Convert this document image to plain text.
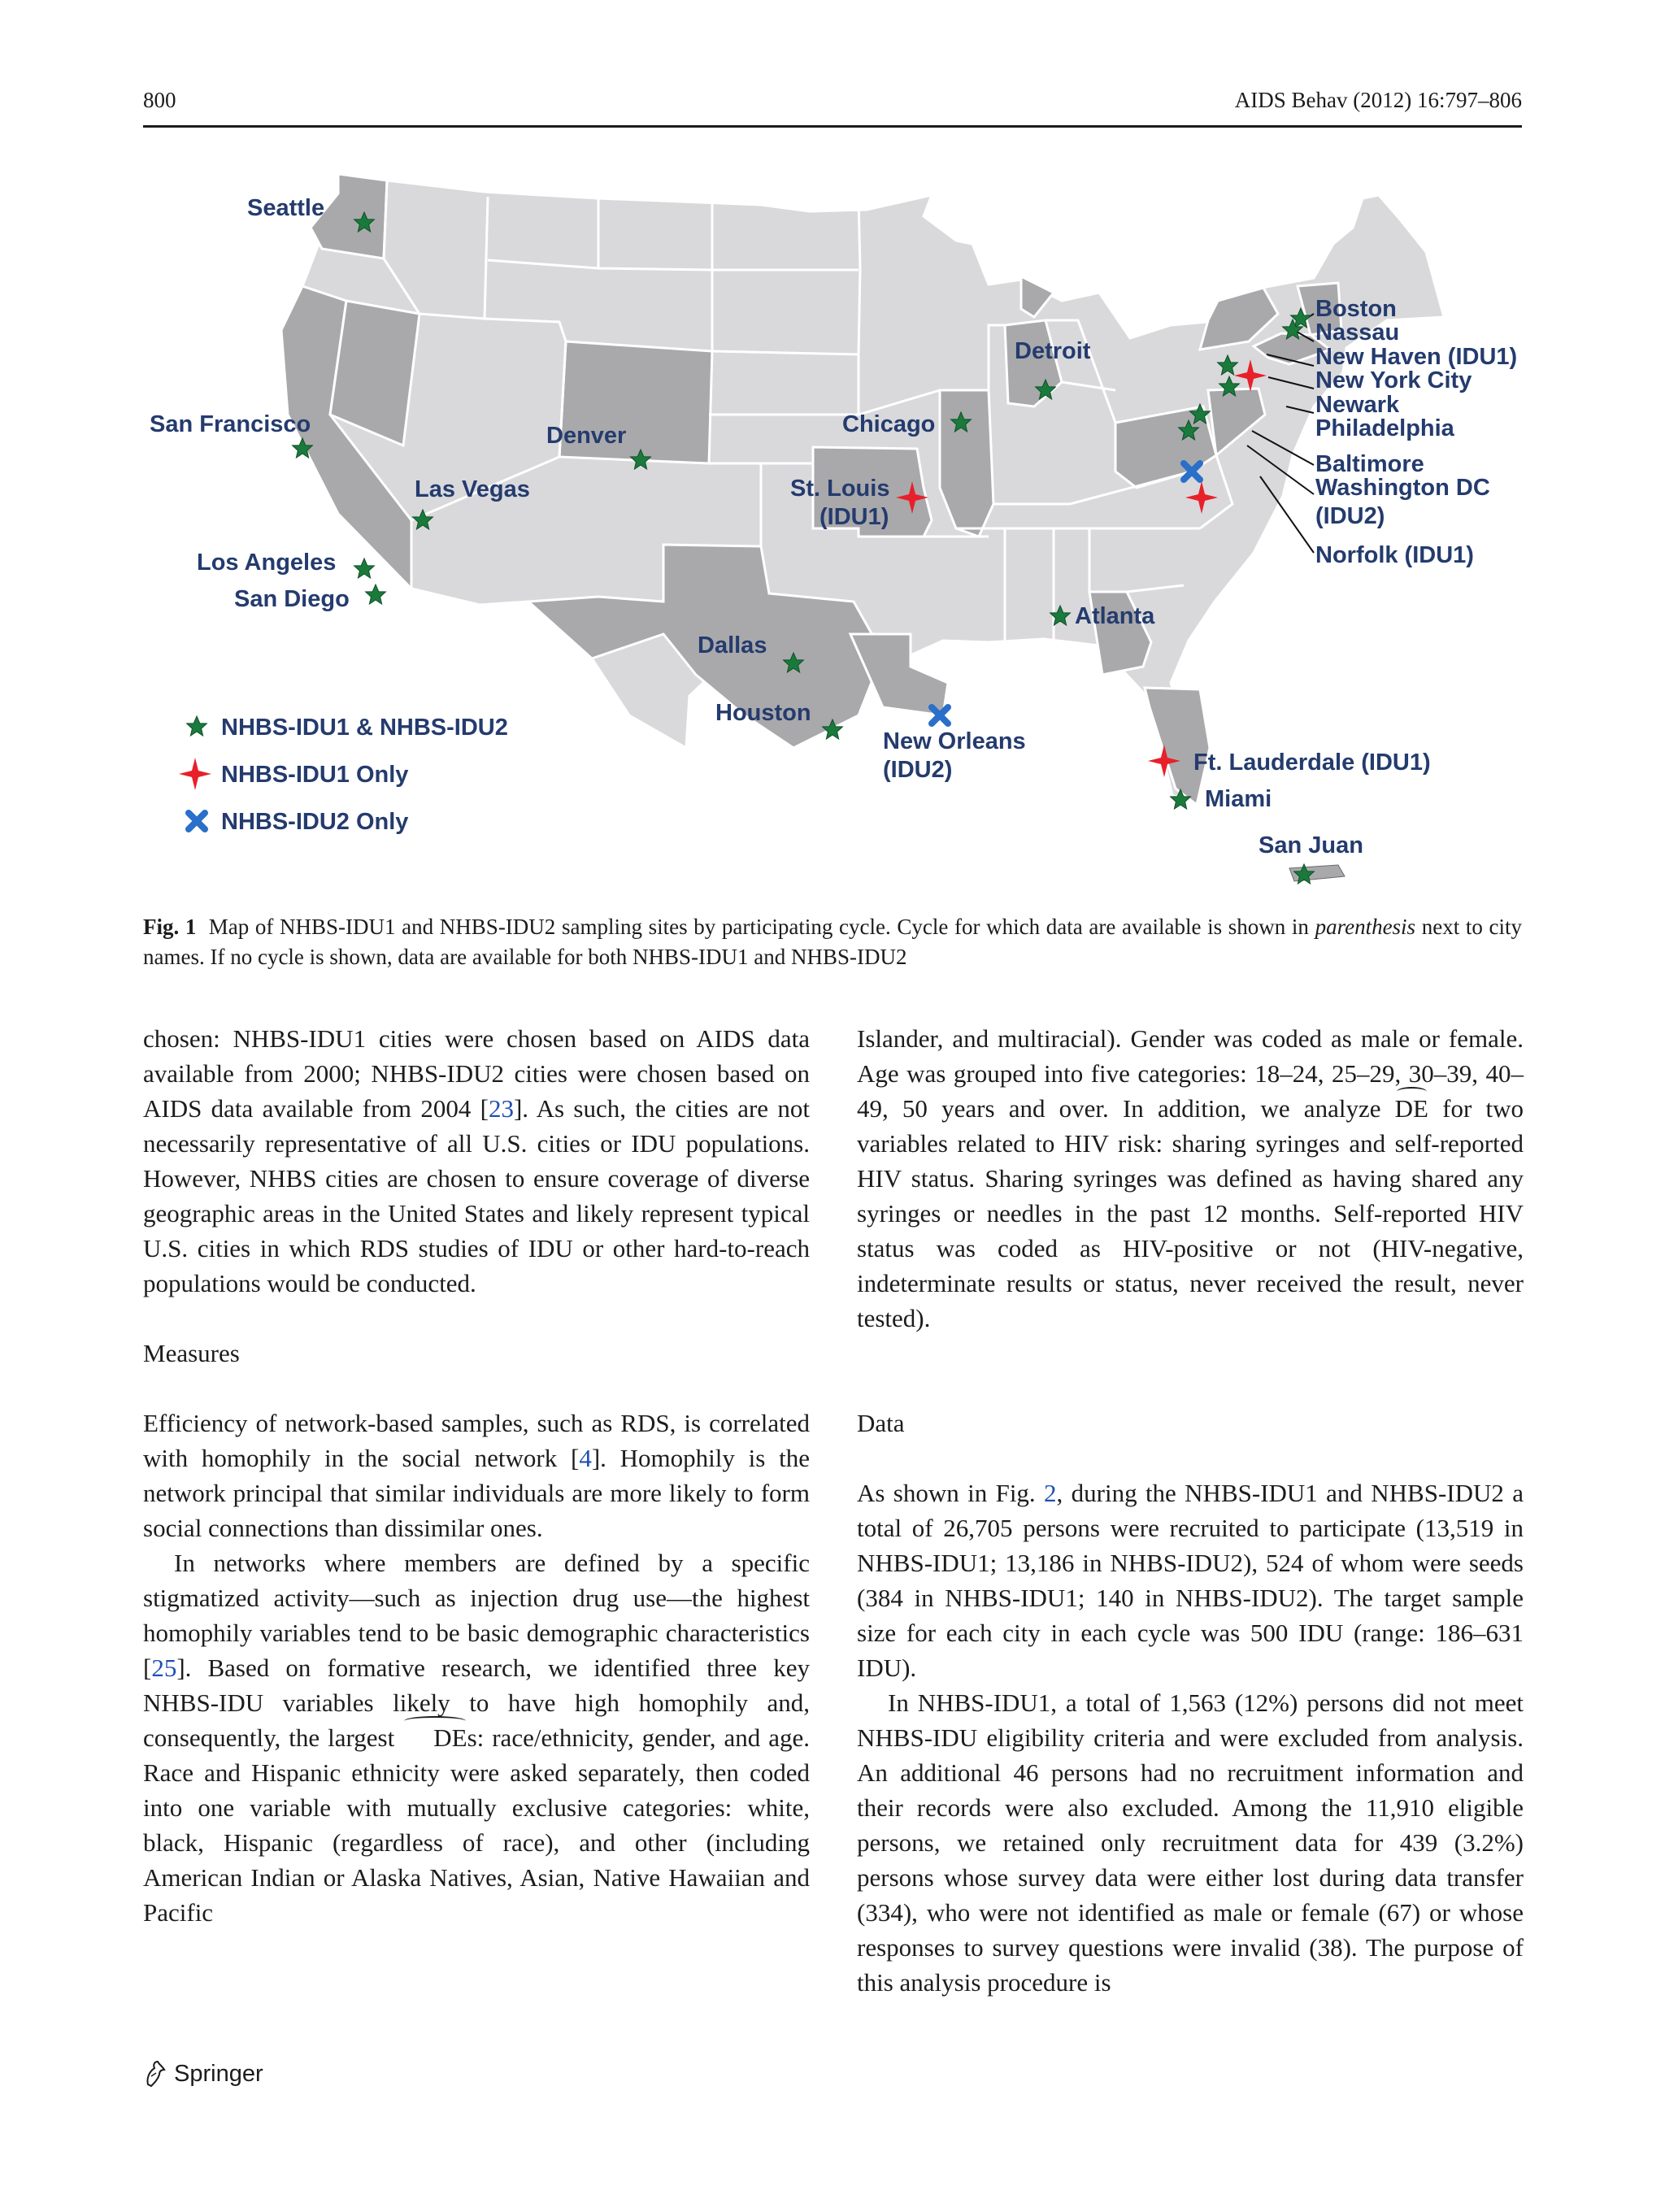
800	AIDS Behav (2012) 16:797–806
Seattle
San Francisco
Las Vegas
Los Angeles
San Diego
Denver
Dallas
Houston
Chicago
St. Louis
(IDU1)
Detroit
Atlanta
New Orleans
(IDU2)	Ft. Lauderdale (IDU1)
Miami
San Juan
Boston
Nassau
New Haven (IDU1)
New York City
Newark
Philadelphia
Baltimore
Washington DC
(IDU2)
Norfolk (IDU1)
NHBS-IDU1 & NHBS-IDU2
NHBS-IDU1 Only
NHBS-IDU2 Only
Fig. 1 Map of NHBS-IDU1 and NHBS-IDU2 sampling sites by participating cycle. Cycle for which data are available is shown in parenthesis next to city names. If no cycle is shown, data are available for both NHBS-IDU1 and NHBS-IDU2

chosen: NHBS-IDU1 cities were chosen based on AIDS data available from 2000; NHBS-IDU2 cities were chosen based on AIDS data available from 2004 [23]. As such, the cities are not necessarily representative of all U.S. cities or IDU populations. However, NHBS cities are chosen to ensure coverage of diverse geographic areas in the United States and likely represent typical U.S. cities in which RDS studies of IDU or other hard-to-reach populations would be conducted.

Measures

Efficiency of network-based samples, such as RDS, is correlated with homophily in the social network [4]. Homophily is the network principal that similar individuals are more likely to form social connections than dissimilar ones.

In networks where members are defined by a specific stigmatized activity—such as injection drug use—the highest homophily variables tend to be basic demographic characteristics [25]. Based on formative research, we identified three key NHBS-IDU variables likely to have high homophily and, consequently, the largest DEs: race/ethnicity, gender, and age. Race and Hispanic ethnicity were asked separately, then coded into one variable with mutually exclusive categories: white, black, Hispanic (regardless of race), and other (including American Indian or Alaska Natives, Asian, Native Hawaiian and Pacific

Islander, and multiracial). Gender was coded as male or female. Age was grouped into five categories: 18–24, 25–29, 30–39, 40–49, 50 years and over. In addition, we analyze DE for two variables related to HIV risk: sharing syringes and self-reported HIV status. Sharing syringes was defined as having shared any syringes or needles in the past 12 months. Self-reported HIV status was coded as HIV-positive or not (HIV-negative, indeterminate results or status, never received the result, never tested).

Data

As shown in Fig. 2, during the NHBS-IDU1 and NHBS-IDU2 a total of 26,705 persons were recruited to participate (13,519 in NHBS-IDU1; 13,186 in NHBS-IDU2), 524 of whom were seeds (384 in NHBS-IDU1; 140 in NHBS-IDU2). The target sample size for each city in each cycle was 500 IDU (range: 186–631 IDU).

In NHBS-IDU1, a total of 1,563 (12%) persons did not meet NHBS-IDU eligibility criteria and were excluded from analysis. An additional 46 persons had no recruitment information and their records were also excluded. Among the 11,910 eligible persons, we retained only recruitment data for 439 (3.2%) persons whose survey data were either lost during data transfer (334), who were not identified as male or female (67) or whose responses to survey questions were invalid (38). The purpose of this analysis procedure is

Springer
